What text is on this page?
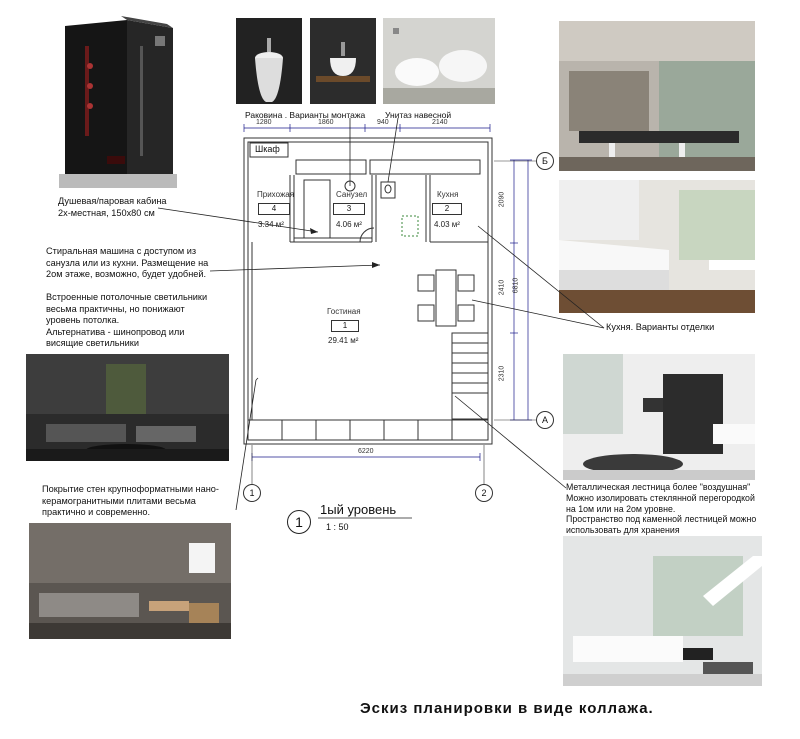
Раковина . Варианты монтажа Унитаз навесной
1280	1860	940	2140
2090
2410
2310
6810
6220
Б
А
1	2
Шкаф
Прихожая
4
3.34 м²
Санузел
3
4.06 м²
Кухня
2
4.03 м²
Гостиная
1
29.41 м²
Душевая/паровая кабина
2х-местная, 150х80 см
Стиральная машина с доступом из
санузла или из кухни. Размещение на
2ом этаже, возможно, будет удобней.
Встроенные потолочные светильники
весьма практичны, но понижают
уровень потолка.
Альтернатива - шинопровод или
висящие светильники
Кухня. Варианты отделки
Покрытие стен крупноформатными нано-
керамогранитными плитами весьма
практично и современно.
Металлическая лестница более "воздушная"
Можно изолировать стеклянной перегородкой
на 1ом или на 2ом уровне.
Пространство под каменной лестницей можно
использовать для хранения
1
1ый уровень
1 : 50
Эскиз планировки в виде коллажа.
